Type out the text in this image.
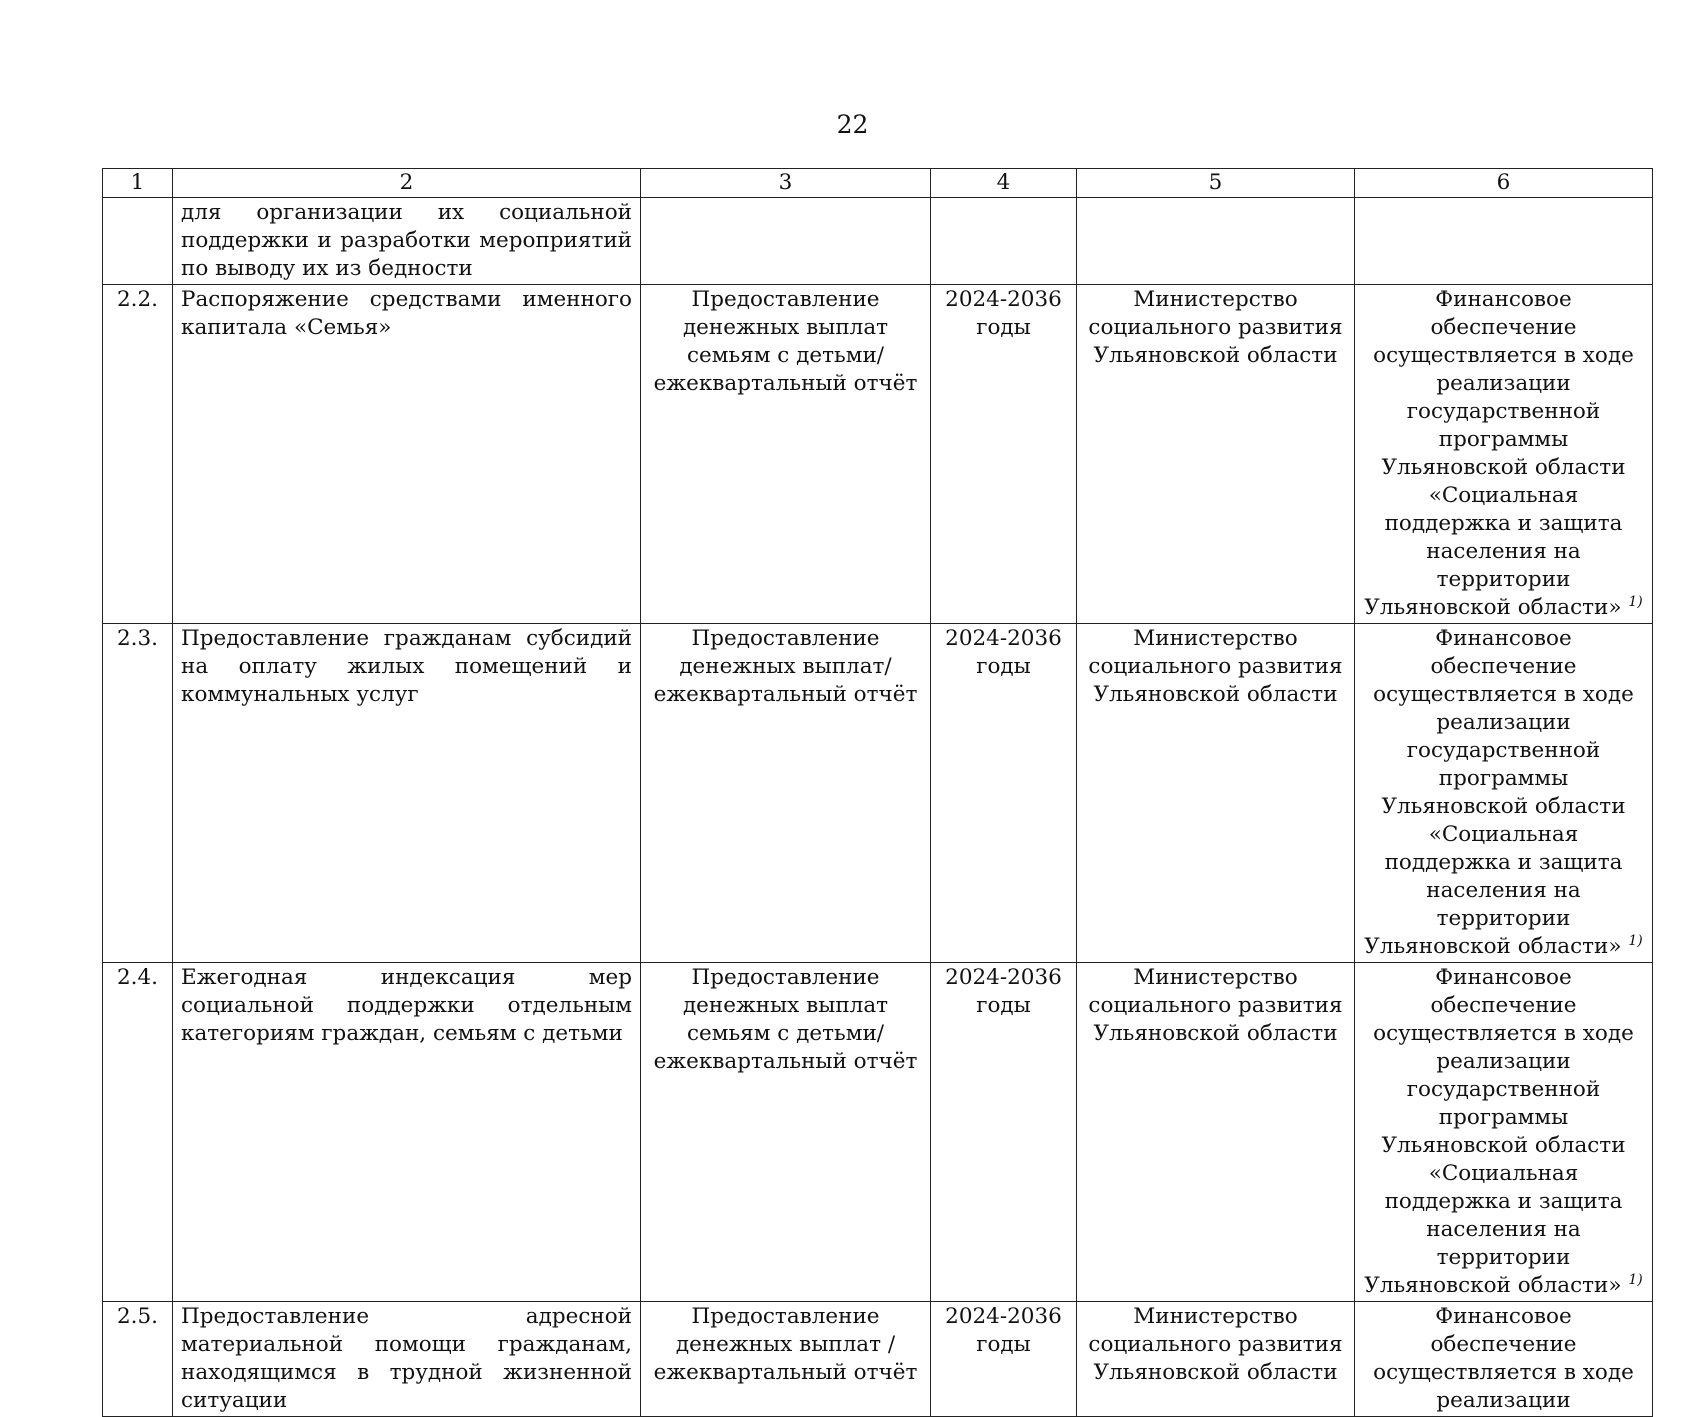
22
1	2	3	4	5	6
	для организации их социальной поддержки и разработки мероприятий по выводу их из бедности				
2.2.	Распоряжение средствами именного капитала «Семья»	Предоставление денежных выплат семьям с детьми/ ежеквартальный отчёт	2024-2036 годы	Министерство социального развития Ульяновской области	Финансовое обеспечение осуществляется в ходе реализации государственной программы Ульяновской области «Социальная поддержка и защита населения на территории Ульяновской области» $^{1)}$
2.3.	Предоставление гражданам субсидий на оплату жилых помещений и коммунальных услуг	Предоставление денежных выплат/ ежеквартальный отчёт	2024-2036 годы	Министерство социального развития Ульяновской области	Финансовое обеспечение осуществляется в ходе реализации государственной программы Ульяновской области «Социальная поддержка и защита населения на территории Ульяновской области» $^{1)}$
2.4.	Ежегодная индексация мер социальной поддержки отдельным категориям граждан, семьям с детьми	Предоставление денежных выплат семьям с детьми/ ежеквартальный отчёт	2024-2036 годы	Министерство социального развития Ульяновской области	Финансовое обеспечение осуществляется в ходе реализации государственной программы Ульяновской области «Социальная поддержка и защита населения на территории Ульяновской области» $^{1)}$
2.5.	Предоставление адресной материальной помощи гражданам, находящимся в трудной жизненной ситуации	Предоставление денежных выплат / ежеквартальный отчёт	2024-2036 годы	Министерство социального развития Ульяновской области	Финансовое обеспечение осуществляется в ходе реализации
